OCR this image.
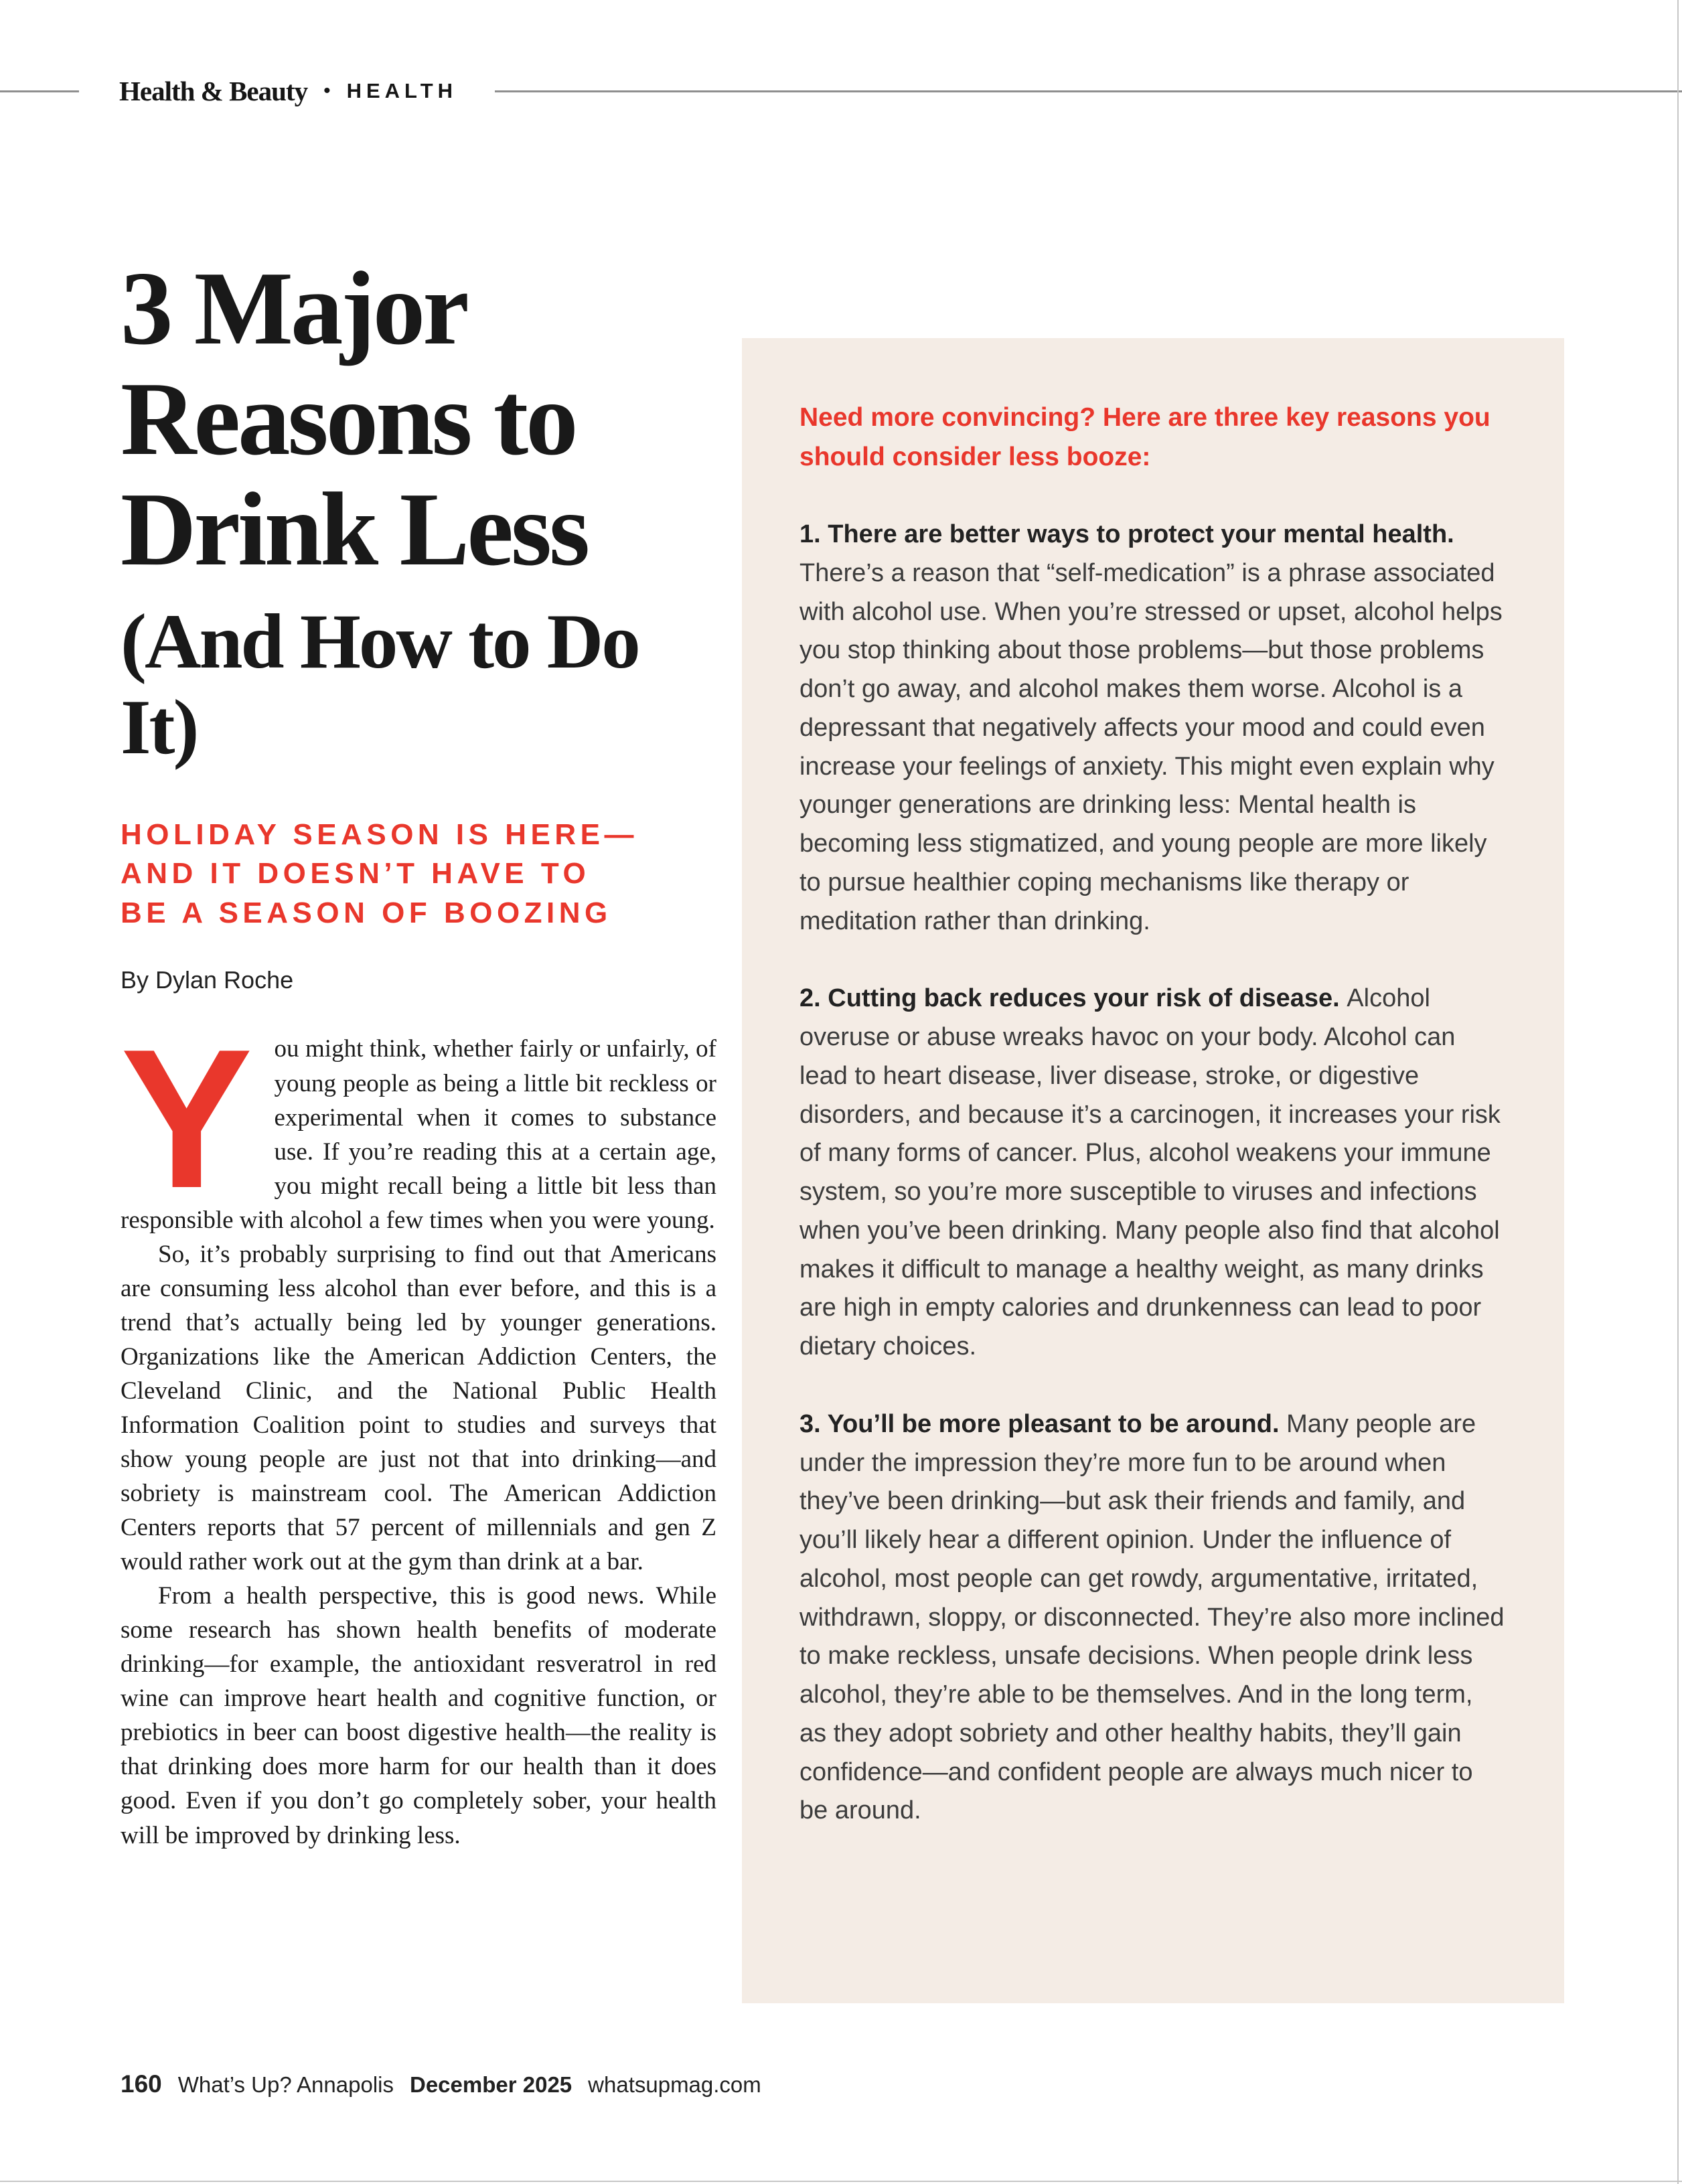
Health & Beauty • HEALTH
3 Major
Reasons to
Drink Less
(And How to Do It)
HOLIDAY SEASON IS HERE—
AND IT DOESN’T HAVE TO
BE A SEASON OF BOOZING
By Dylan Roche

You might think, whether fairly or unfairly, of young people as being a little bit reckless or experimental when it comes to substance use. If you’re reading this at a certain age, you might recall being a little bit less than responsible with alcohol a few times when you were young.

So, it’s probably surprising to find out that Americans are consuming less alcohol than ever before, and this is a trend that’s actually being led by younger generations. Organizations like the American Addiction Centers, the Cleveland Clinic, and the National Public Health Information Coalition point to studies and surveys that show young people are just not that into drinking—and sobriety is mainstream cool. The American Addiction Centers reports that 57 percent of millennials and gen Z would rather work out at the gym than drink at a bar.

From a health perspective, this is good news. While some research has shown health benefits of moderate drinking—for example, the antioxidant resveratrol in red wine can improve heart health and cognitive function, or prebiotics in beer can boost digestive health—the reality is that drinking does more harm for our health than it does good. Even if you don’t go completely sober, your health will be improved by drinking less.

Need more convincing? Here are three key reasons you should consider less booze:

1. There are better ways to protect your mental health. There’s a reason that “self-medication” is a phrase associated with alcohol use. When you’re stressed or upset, alcohol helps you stop thinking about those problems—but those problems don’t go away, and alcohol makes them worse. Alcohol is a depressant that negatively affects your mood and could even increase your feelings of anxiety. This might even explain why younger generations are drinking less: Mental health is becoming less stigmatized, and young people are more likely to pursue healthier coping mechanisms like therapy or meditation rather than drinking.

2. Cutting back reduces your risk of disease. Alcohol overuse or abuse wreaks havoc on your body. Alcohol can lead to heart disease, liver disease, stroke, or digestive disorders, and because it’s a carcinogen, it increases your risk of many forms of cancer. Plus, alcohol weakens your immune system, so you’re more susceptible to viruses and infections when you’ve been drinking. Many people also find that alcohol makes it difficult to manage a healthy weight, as many drinks are high in empty calories and drunkenness can lead to poor dietary choices.

3. You’ll be more pleasant to be around. Many people are under the impression they’re more fun to be around when they’ve been drinking—but ask their friends and family, and you’ll likely hear a different opinion. Under the influence of alcohol, most people can get rowdy, argumentative, irritated, withdrawn, sloppy, or disconnected. They’re also more inclined to make reckless, unsafe decisions. When people drink less alcohol, they’re able to be themselves. And in the long term, as they adopt sobriety and other healthy habits, they’ll gain confidence—and confident people are always much nicer to be around.

160 What’s Up? Annapolis December 2025 whatsupmag.com
